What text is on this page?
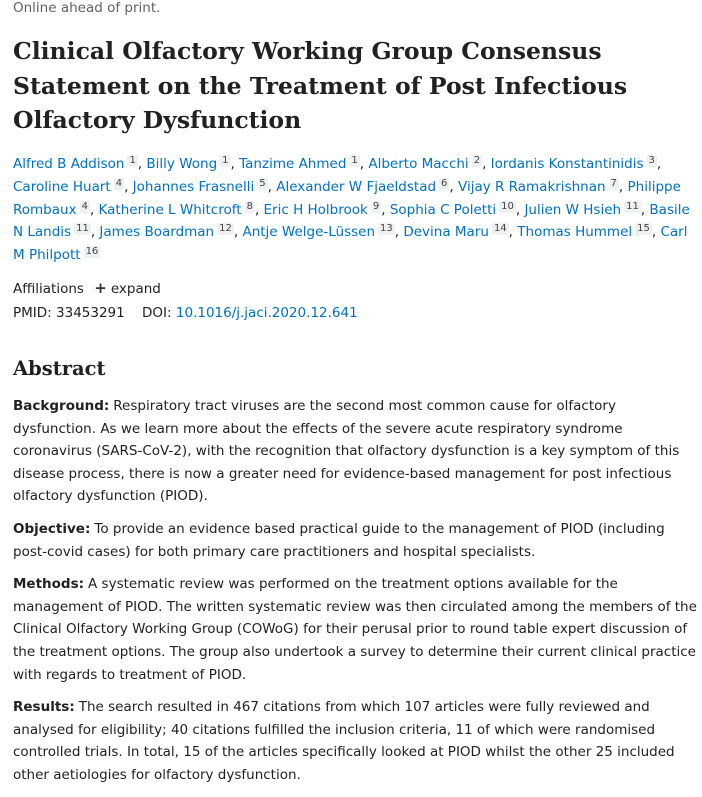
Online ahead of print.

Clinical Olfactory Working Group Consensus Statement on the Treatment of Post Infectious Olfactory Dysfunction
Alfred B Addison 1 , Billy Wong 1 , Tanzime Ahmed 1 , Alberto Macchi 2 , Iordanis Konstantinidis 3 , Caroline Huart 4 , Johannes Frasnelli 5 , Alexander W Fjaeldstad 6 , Vijay R Ramakrishnan 7 , Philippe Rombaux 4 , Katherine L Whitcroft 8 , Eric H Holbrook 9 , Sophia C Poletti 10 , Julien W Hsieh 11 , Basile N Landis 11 , James Boardman 12 , Antje Welge-Lüssen 13 , Devina Maru 14 , Thomas Hummel 15 , Carl M Philpott 16
Affiliations + expand
PMID: 33453291 DOI: 10.1016/j.jaci.2020.12.641
Abstract

Background: Respiratory tract viruses are the second most common cause for olfactory dysfunction. As we learn more about the effects of the severe acute respiratory syndrome coronavirus (SARS-CoV-2), with the recognition that olfactory dysfunction is a key symptom of this disease process, there is now a greater need for evidence-based management for post infectious olfactory dysfunction (PIOD).

Objective: To provide an evidence based practical guide to the management of PIOD (including post-covid cases) for both primary care practitioners and hospital specialists.

Methods: A systematic review was performed on the treatment options available for the management of PIOD. The written systematic review was then circulated among the members of the Clinical Olfactory Working Group (COWoG) for their perusal prior to round table expert discussion of the treatment options. The group also undertook a survey to determine their current clinical practice with regards to treatment of PIOD.

Results: The search resulted in 467 citations from which 107 articles were fully reviewed and analysed for eligibility; 40 citations fulfilled the inclusion criteria, 11 of which were randomised controlled trials. In total, 15 of the articles specifically looked at PIOD whilst the other 25 included other aetiologies for olfactory dysfunction.
